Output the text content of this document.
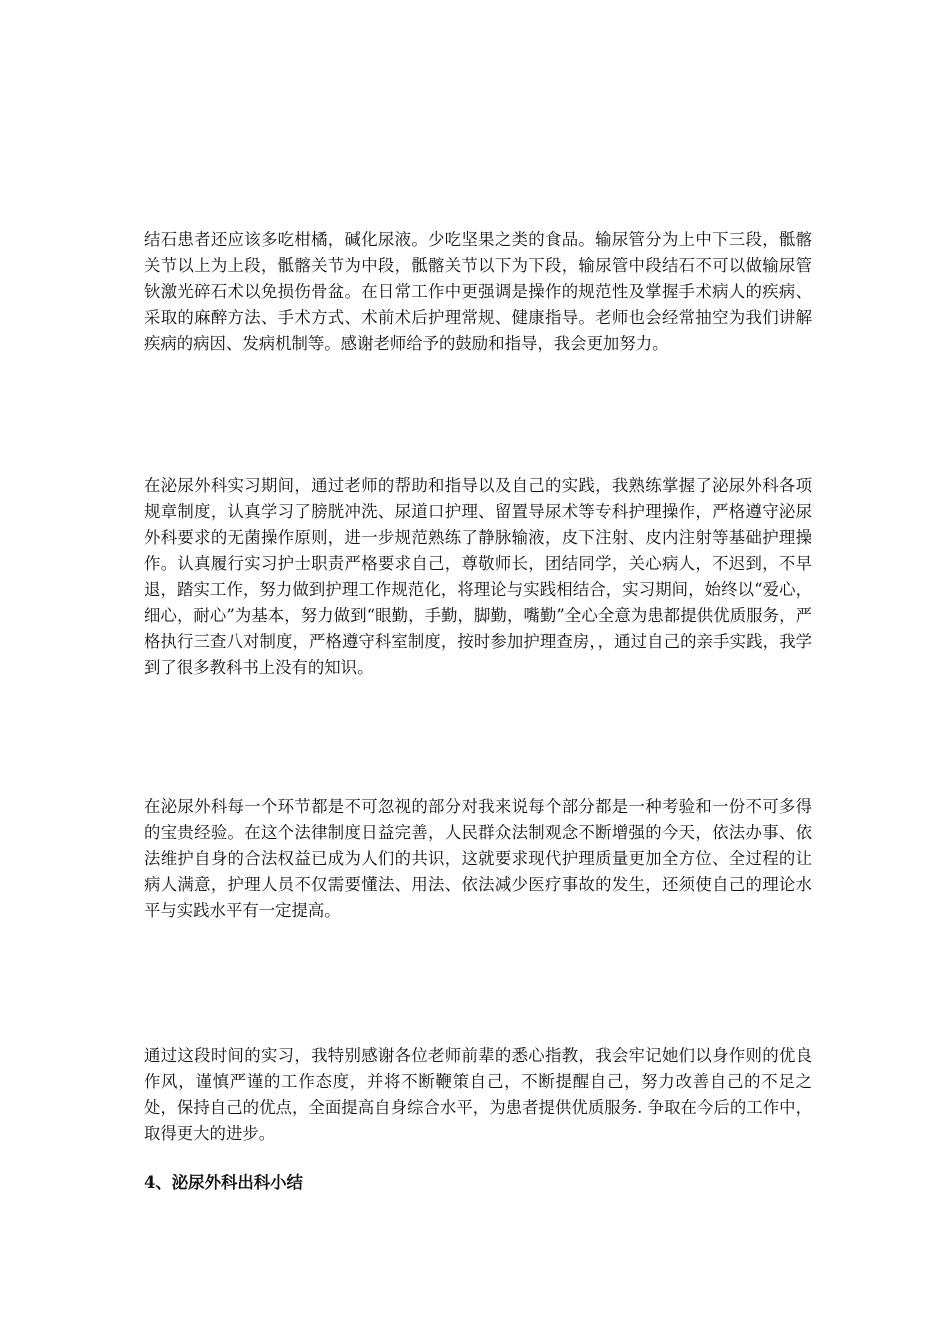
结石患者还应该多吃柑橘，碱化尿液。少吃坚果之类的食品。输尿管分为上中下三段，骶髂关节以上为上段，骶髂关节为中段，骶髂关节以下为下段，输尿管中段结石不可以做输尿管钬激光碎石术以免损伤骨盆。在日常工作中更强调是操作的规范性及掌握手术病人的疾病、采取的麻醉方法、手术方式、术前术后护理常规、健康指导。老师也会经常抽空为我们讲解疾病的病因、发病机制等。感谢老师给予的鼓励和指导，我会更加努力。

在泌尿外科实习期间，通过老师的帮助和指导以及自己的实践，我熟练掌握了泌尿外科各项规章制度，认真学习了膀胱冲洗、尿道口护理、留置导尿术等专科护理操作，严格遵守泌尿外科要求的无菌操作原则，进一步规范熟练了静脉输液，皮下注射、皮内注射等基础护理操作。认真履行实习护士职责严格要求自己，尊敬师长，团结同学，关心病人，不迟到，不早退，踏实工作，努力做到护理工作规范化，将理论与实践相结合，实习期间，始终以“爱心，细心，耐心”为基本，努力做到“眼勤，手勤，脚勤，嘴勤”全心全意为患都提供优质服务，严格执行三查八对制度，严格遵守科室制度，按时参加护理查房，，通过自己的亲手实践，我学到了很多教科书上没有的知识。

在泌尿外科每一个环节都是不可忽视的部分对我来说每个部分都是一种考验和一份不可多得的宝贵经验。在这个法律制度日益完善，人民群众法制观念不断增强的今天，依法办事、依法维护自身的合法权益已成为人们的共识，这就要求现代护理质量更加全方位、全过程的让病人满意，护理人员不仅需要懂法、用法、依法减少医疗事故的发生，还须使自己的理论水平与实践水平有一定提高。

通过这段时间的实习，我特别感谢各位老师前辈的悉心指教，我会牢记她们以身作则的优良作风，谨慎严谨的工作态度，并将不断鞭策自己，不断提醒自己，努力改善自己的不足之处，保持自己的优点，全面提高自身综合水平，为患者提供优质服务. 争取在今后的工作中，取得更大的进步。

4、泌尿外科出科小结
